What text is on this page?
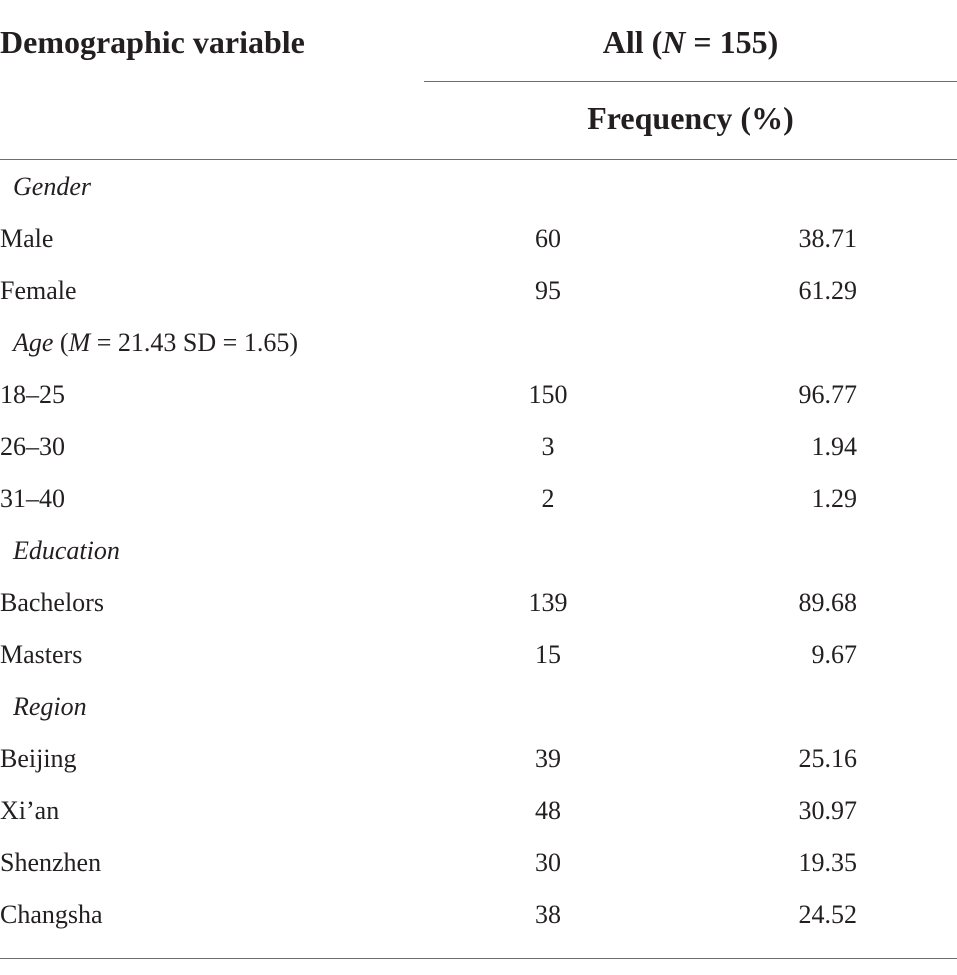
Demographic variable	All (N = 155)
Frequency (%)
Gender
Male	60	38.71
Female	95	61.29
Age (M = 21.43 SD = 1.65)
18–25	150	96.77
26–30	3	1.94
31–40	2	1.29
Education
Bachelors	139	89.68
Masters	15	9.67
Region
Beijing	39	25.16
Xi’an	48	30.97
Shenzhen	30	19.35
Changsha	38	24.52
